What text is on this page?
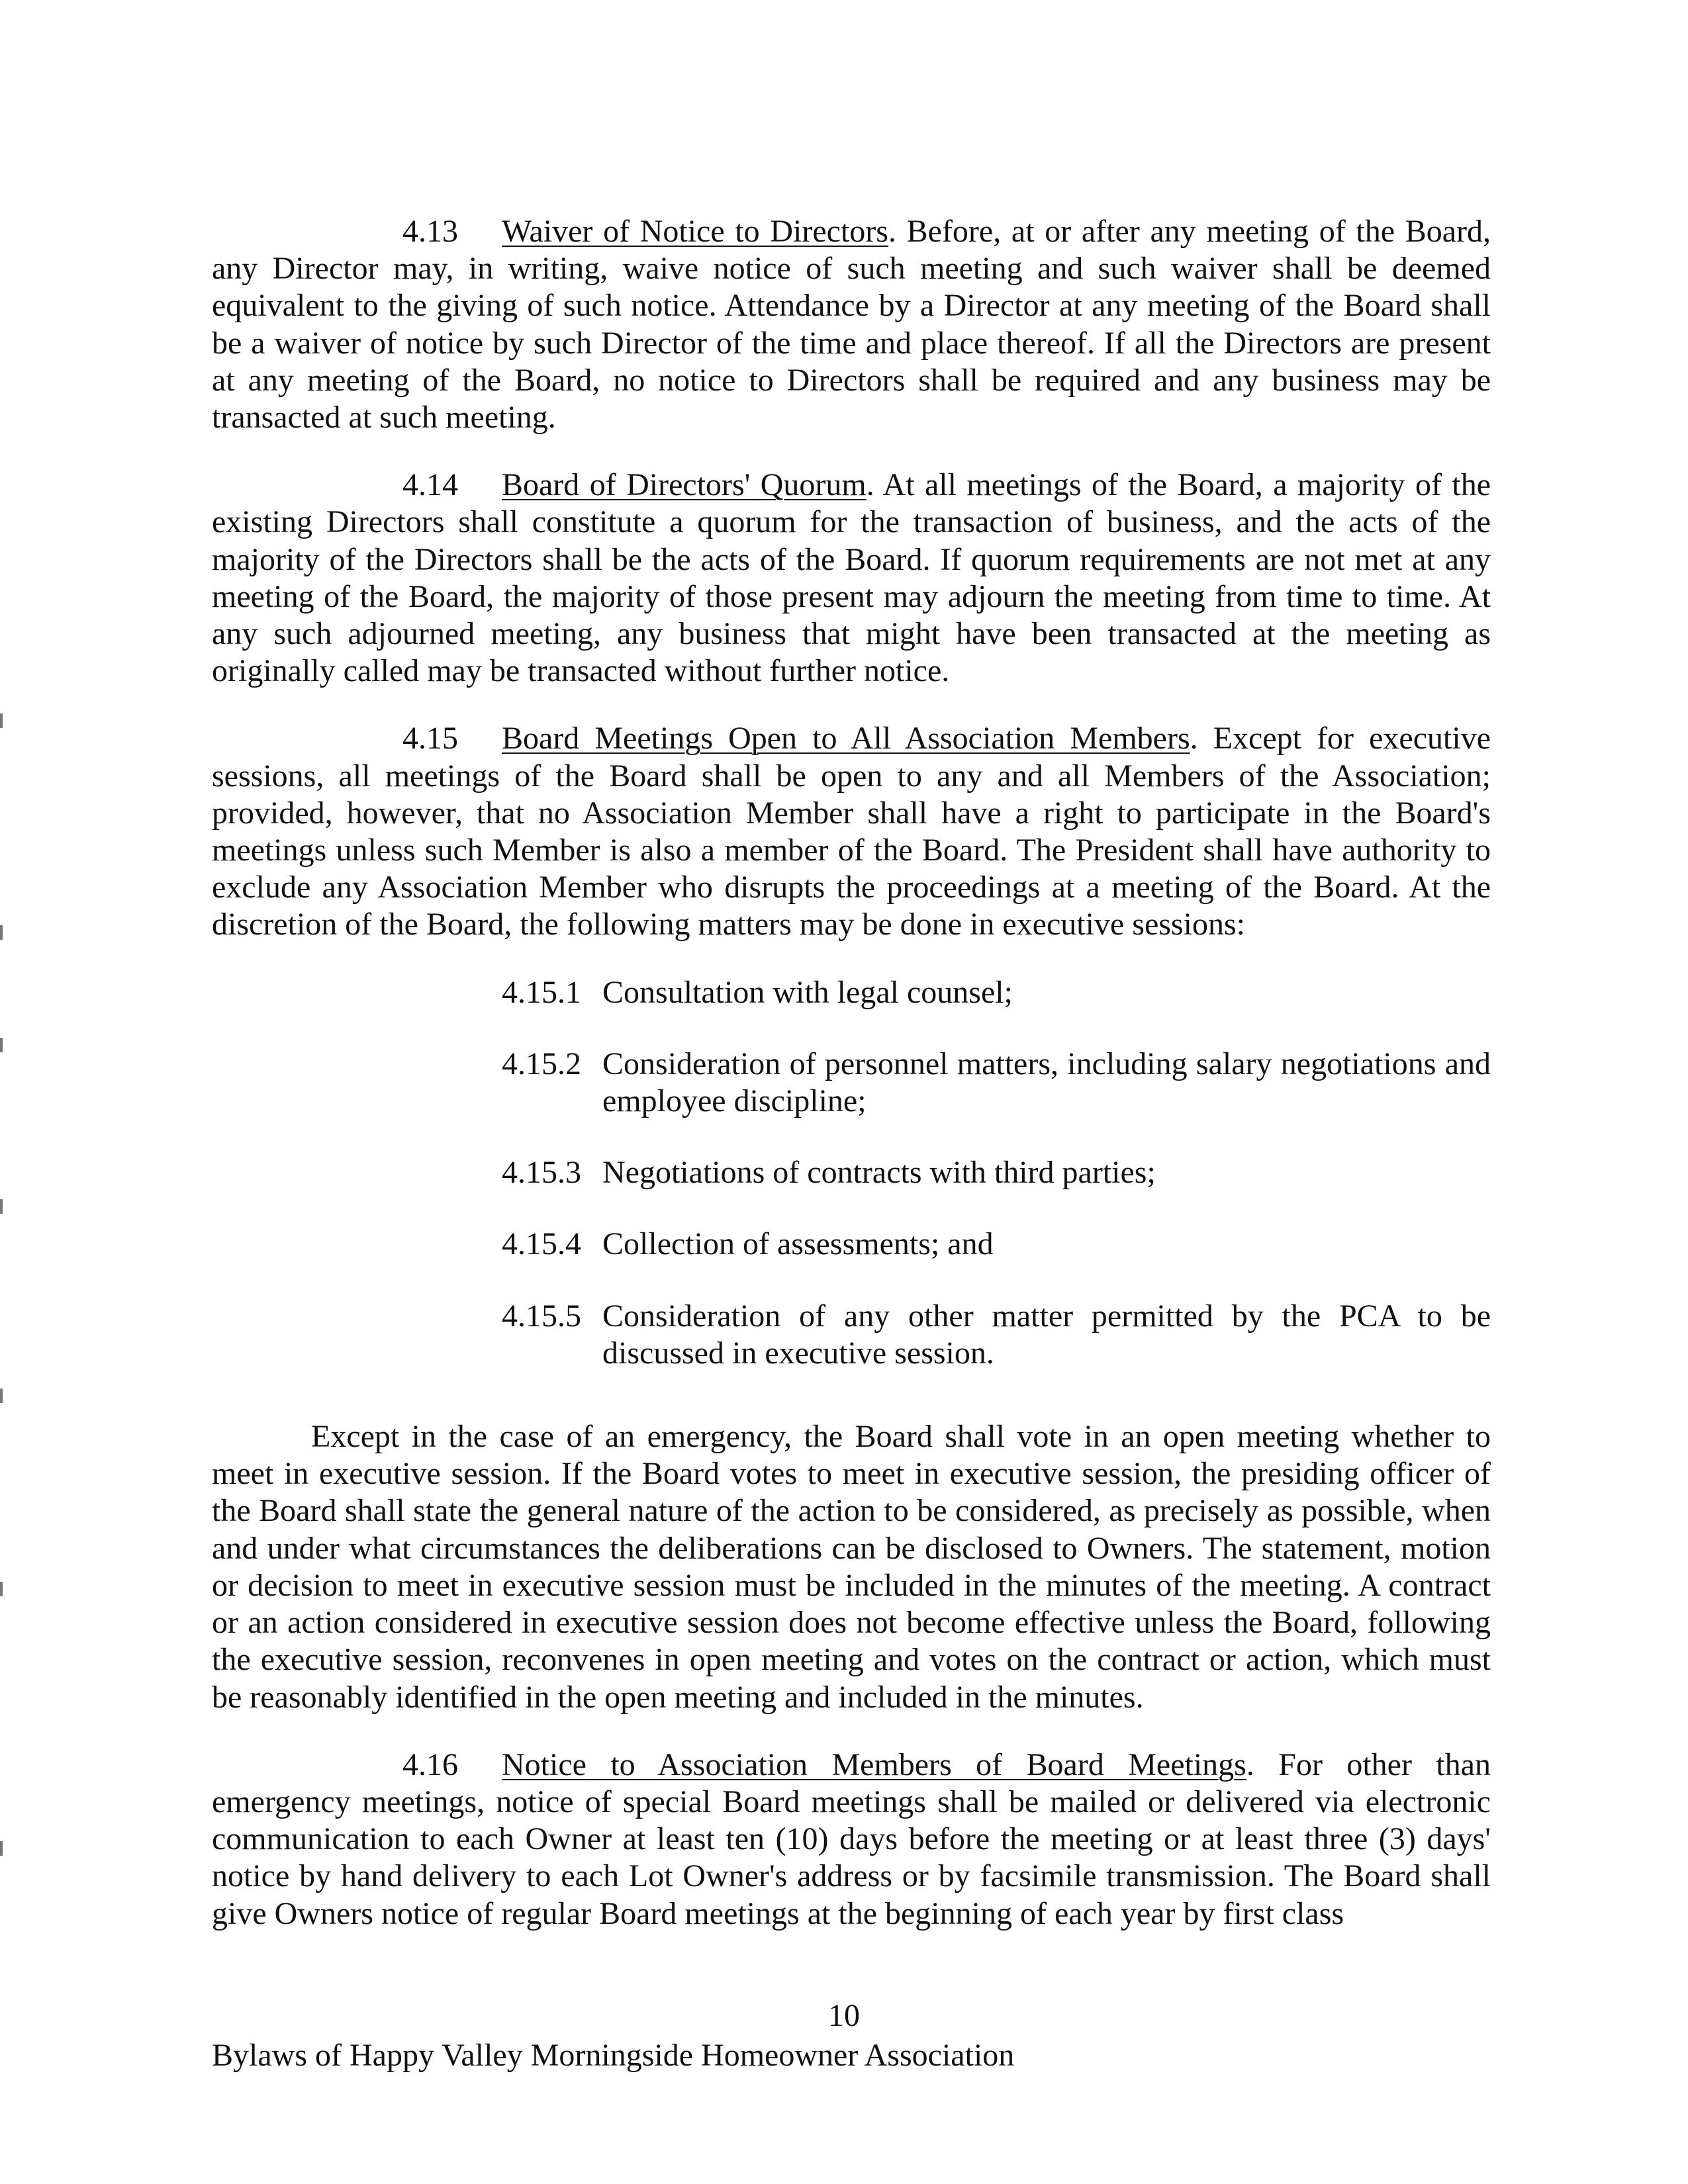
4.13 Waiver of Notice to Directors. Before, at or after any meeting of the Board, any Director may, in writing, waive notice of such meeting and such waiver shall be deemed equivalent to the giving of such notice. Attendance by a Director at any meeting of the Board shall be a waiver of notice by such Director of the time and place thereof. If all the Directors are present at any meeting of the Board, no notice to Directors shall be required and any business may be transacted at such meeting.

4.14 Board of Directors' Quorum. At all meetings of the Board, a majority of the existing Directors shall constitute a quorum for the transaction of business, and the acts of the majority of the Directors shall be the acts of the Board. If quorum requirements are not met at any meeting of the Board, the majority of those present may adjourn the meeting from time to time. At any such adjourned meeting, any business that might have been transacted at the meeting as originally called may be transacted without further notice.

4.15 Board Meetings Open to All Association Members. Except for executive sessions, all meetings of the Board shall be open to any and all Members of the Association; provided, however, that no Association Member shall have a right to participate in the Board's meetings unless such Member is also a member of the Board. The President shall have authority to exclude any Association Member who disrupts the proceedings at a meeting of the Board. At the discretion of the Board, the following matters may be done in executive sessions:

4.15.1 Consultation with legal counsel;
4.15.2 Consideration of personnel matters, including salary negotiations and employee discipline;
4.15.3 Negotiations of contracts with third parties;
4.15.4 Collection of assessments; and
4.15.5 Consideration of any other matter permitted by the PCA to be discussed in executive session.

Except in the case of an emergency, the Board shall vote in an open meeting whether to meet in executive session. If the Board votes to meet in executive session, the presiding officer of the Board shall state the general nature of the action to be considered, as precisely as possible, when and under what circumstances the deliberations can be disclosed to Owners. The statement, motion or decision to meet in executive session must be included in the minutes of the meeting. A contract or an action considered in executive session does not become effective unless the Board, following the executive session, reconvenes in open meeting and votes on the contract or action, which must be reasonably identified in the open meeting and included in the minutes.

4.16 Notice to Association Members of Board Meetings. For other than emergency meetings, notice of special Board meetings shall be mailed or delivered via electronic communication to each Owner at least ten (10) days before the meeting or at least three (3) days' notice by hand delivery to each Lot Owner's address or by facsimile transmission. The Board shall give Owners notice of regular Board meetings at the beginning of each year by first class

10
Bylaws of Happy Valley Morningside Homeowner Association
